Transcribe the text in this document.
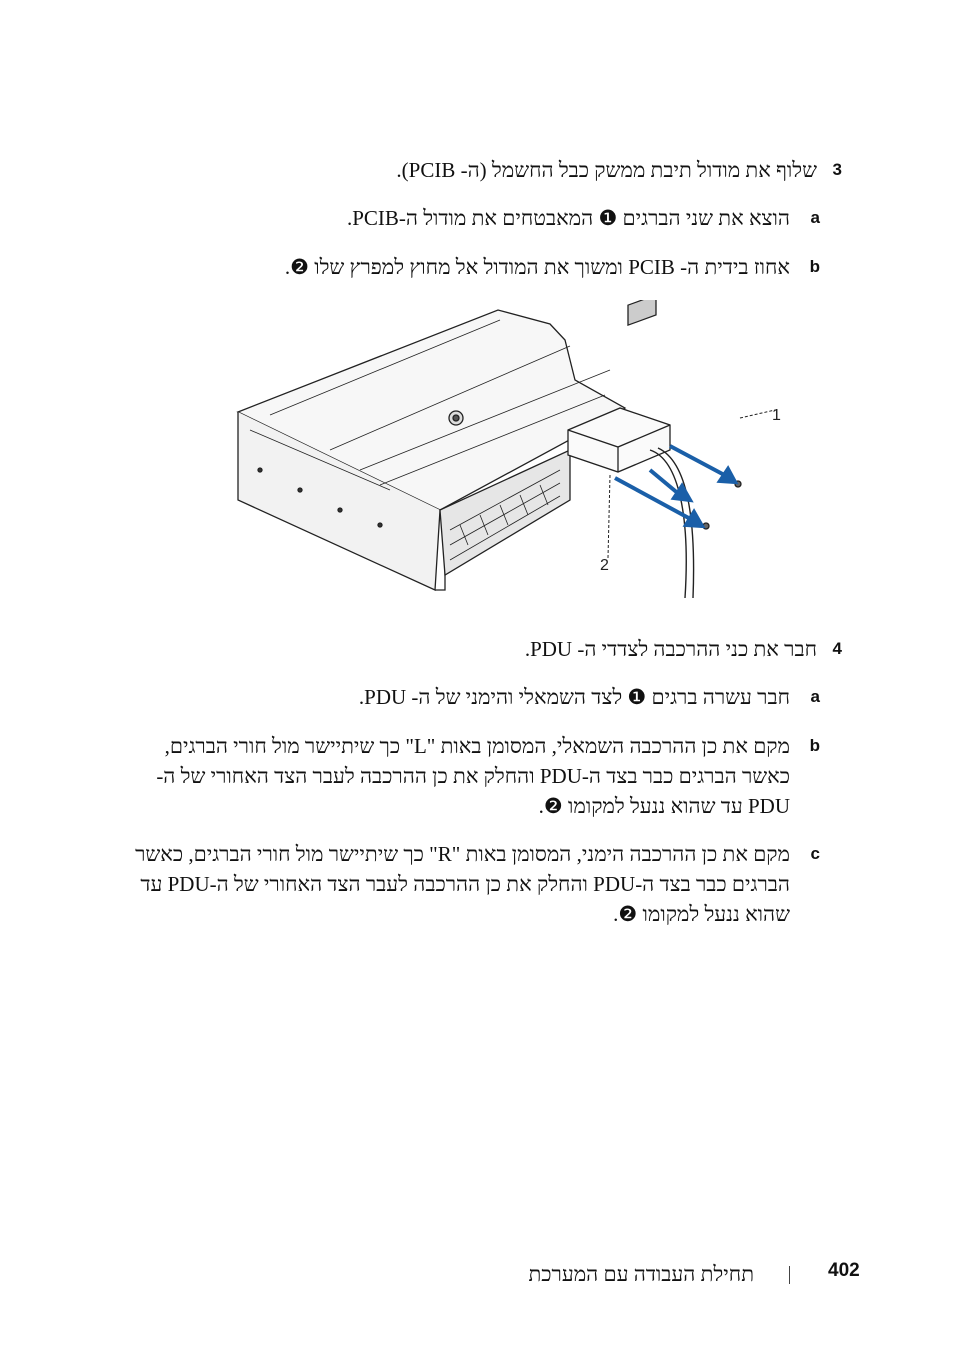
3
שלוף את מודול תיבת ממשק כבל החשמל (ה- PCIB).
a
הוצא את שני הברגים ❶ המאבטחים את מודול ה-PCIB.
b
אחוז בידית ה- PCIB ומשוך את המודול אל מחוץ למפרץ שלו ❷.
1
2
4
חבר את כני ההרכבה לצדדי ה- PDU.
a
חבר עשרה ברגים ❶ לצד השמאלי והימני של ה- PDU.
b
מקם את כן ההרכבה השמאלי, המסומן באות "L" כך שיתיישר מול חורי הברגים, כאשר הברגים כבר בצד ה-PDU והחלק את כן ההרכבה לעבר הצד האחורי של ה-PDU עד שהוא ננעל למקומו ❷.
c
מקם את כן ההרכבה הימני, המסומן באות "R" כך שיתיישר מול חורי הברגים, כאשר הברגים כבר בצד ה-PDU והחלק את כן ההרכבה לעבר הצד האחורי של ה-PDU עד שהוא ננעל למקומו ❷.
תחילת העבודה עם המערכת	402
